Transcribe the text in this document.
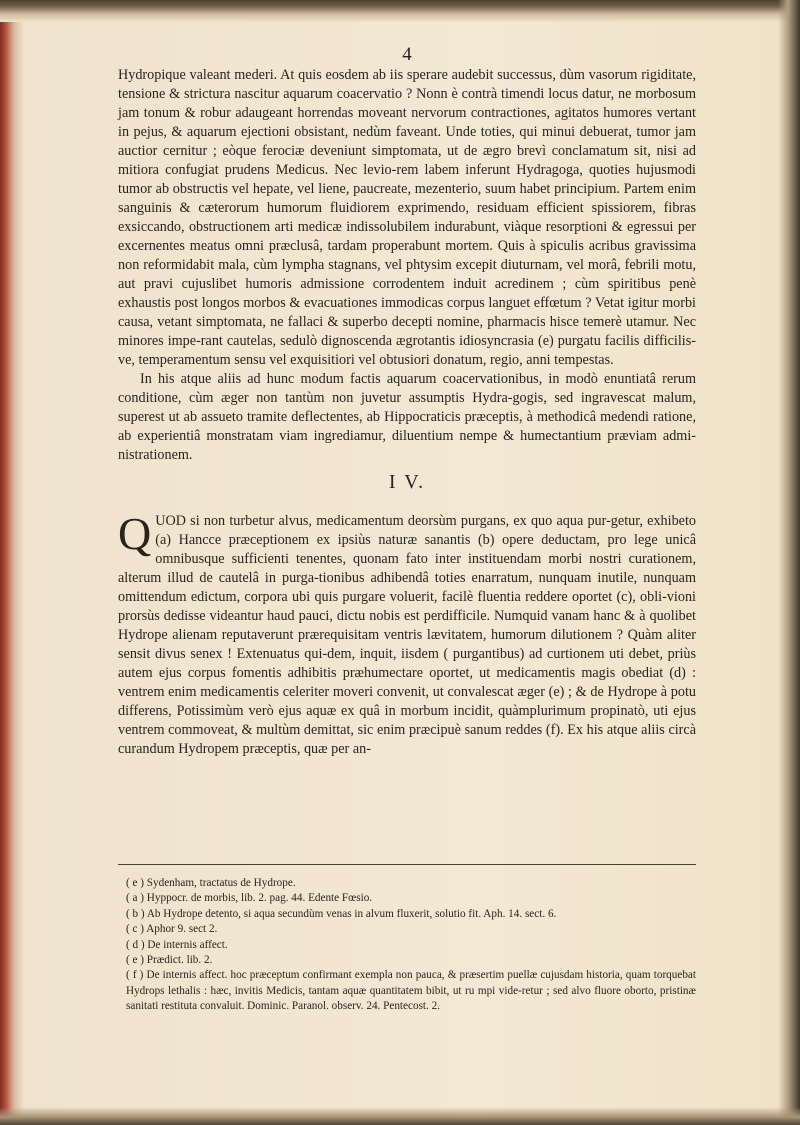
4

Hydropique valeant mederi. At quis eosdem ab iis sperare audebit successus, dùm vasorum rigiditate, tensione & strictura nascitur aquarum coacervatio ? Nonn è contrà timendi locus datur, ne morbosum jam tonum & robur adaugeant horrendas moveant nervorum contractiones, agitatos humores vertant in pejus, & aquarum ejectioni obsistant, nedùm faveant. Unde toties, qui minui debuerat, tumor jam auctior cernitur ; eòque ferociæ deveniunt simptomata, ut de ægro brevì conclamatum sit, nisi ad mitiora confugiat prudens Medicus. Nec levio-rem labem inferunt Hydragoga, quoties hujusmodi tumor ab obstructis vel hepate, vel liene, paucreate, mezenterio, suum habet principium. Partem enim sanguinis & cæterorum humorum fluidiorem exprimendo, residuam efficient spissiorem, fibras exsiccando, obstructionem arti medicæ indissolubilem indurabunt, viàque resorptioni & egressui per excernentes meatus omni præclusâ, tardam properabunt mortem. Quis à spiculis acribus gravissima non reformidabit mala, cùm lympha stagnans, vel phtysim excepit diuturnam, vel morâ, febrili motu, aut pravi cujuslibet humoris admissione corrodentem induit acredinem ; cùm spiritibus penè exhaustis post longos morbos & evacuationes immodicas corpus languet effœtum ? Vetat igitur morbi causa, vetant simptomata, ne fallaci & superbo decepti nomine, pharmacis hisce temerè utamur. Nec minores impe-rant cautelas, sedulò dignoscenda ægrotantis idiosyncrasia (e) purgatu facilis difficilis-ve, temperamentum sensu vel exquisitiori vel obtusiori donatum, regio, anni tempestas.

In his atque aliis ad hunc modum factis aquarum coacervationibus, in modò enuntiatâ rerum conditione, cùm æger non tantùm non juvetur assumptis Hydra-gogis, sed ingravescat malum, superest ut ab assueto tramite deflectentes, ab Hippocraticis præceptis, à methodicâ medendi ratione, ab experientiâ monstratam viam ingrediamur, diluentium nempe & humectantium præviam admi-nistrationem.

I V.

QUOD si non turbetur alvus, medicamentum deorsùm purgans, ex quo aqua pur-getur, exhibeto (a) Hancce præceptionem ex ipsiùs naturæ sanantis (b) opere deductam, pro lege unicâ omnibusque sufficienti tenentes, quonam fato inter instituendam morbi nostri curationem, alterum illud de cautelâ in purga-tionibus adhibendâ toties enarratum, nunquam inutile, nunquam omittendum edictum, corpora ubi quis purgare voluerit, facilè fluentia reddere oportet (c), obli-vioni prorsùs dedisse videantur haud pauci, dictu nobis est perdifficile. Numquid vanam hanc & à quolibet Hydrope alienam reputaverunt prærequisitam ventris lævitatem, humorum dilutionem ? Quàm aliter sensit divus senex ! Extenuatus qui-dem, inquit, iisdem ( purgantibus) ad curtionem uti debet, priùs autem ejus corpus fomentis adhibitis præhumectare oportet, ut medicamentis magis obediat (d) : ventrem enim medicamentis celeriter moveri convenit, ut convalescat æger (e) ; & de Hydrope à potu differens, Potissimùm verò ejus aquæ ex quâ in morbum incidit, quàmplurimum propinatò, uti ejus ventrem commoveat, & multùm demittat, sic enim præcipuè sanum reddes (f). Ex his atque aliis circà curandum Hydropem præceptis, quæ per an-

( e ) Sydenham, tractatus de Hydrope.

( a ) Hyppocr. de morbis, lib. 2. pag. 44. Edente Fœsio.

( b ) Ab Hydrope detento, si aqua secundùm venas in alvum fluxerit, solutio fit. Aph. 14. sect. 6.

( c ) Aphor 9. sect 2.

( d ) De internis affect.

( e ) Prædict. lib. 2.

( f ) De internis affect. hoc præceptum confirmant exempla non pauca, & præsertim puellæ cujusdam historia, quam torquebat Hydrops lethalis : hæc, invitis Medicis, tantam aquæ quantitatem bibit, ut ru mpi vide-retur ; sed alvo fluore oborto, pristinæ sanitati restituta convaluit. Dominic. Paranol. observ. 24. Pentecost. 2.
